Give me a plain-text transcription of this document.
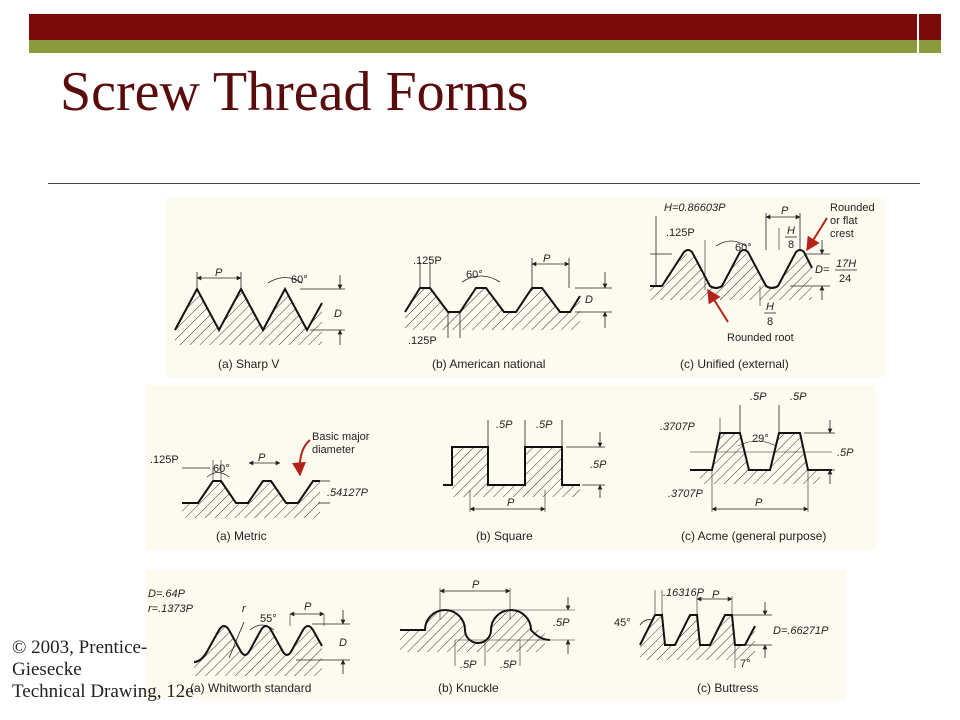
Screw Thread Forms
P
60°
D
(a) Sharp V
.125P
60°
P
D
.125P
(b) American national
H=0.86603P
.125P
60°
P
H
8
Rounded
or flat
crest
D= 17H
24
H
8
Rounded root
(c) Unified (external)
.125P
60°
P
Basic major
diameter
.54127P
(a) Metric
.5P .5P
.5P
P
(b) Square
.5P .5P
.3707P
29°
.5P
.3707P
P
(c) Acme (general purpose)
D=.64P
r=.1373P	r
55°
P
D
(a) Whitworth standard
P
.5P
.5P .5P
(b) Knuckle
.16316P P
45°
D=.66271P
7°
(c) Buttress
© 2003, Prentice-
Giesecke
Technical Drawing, 12e
